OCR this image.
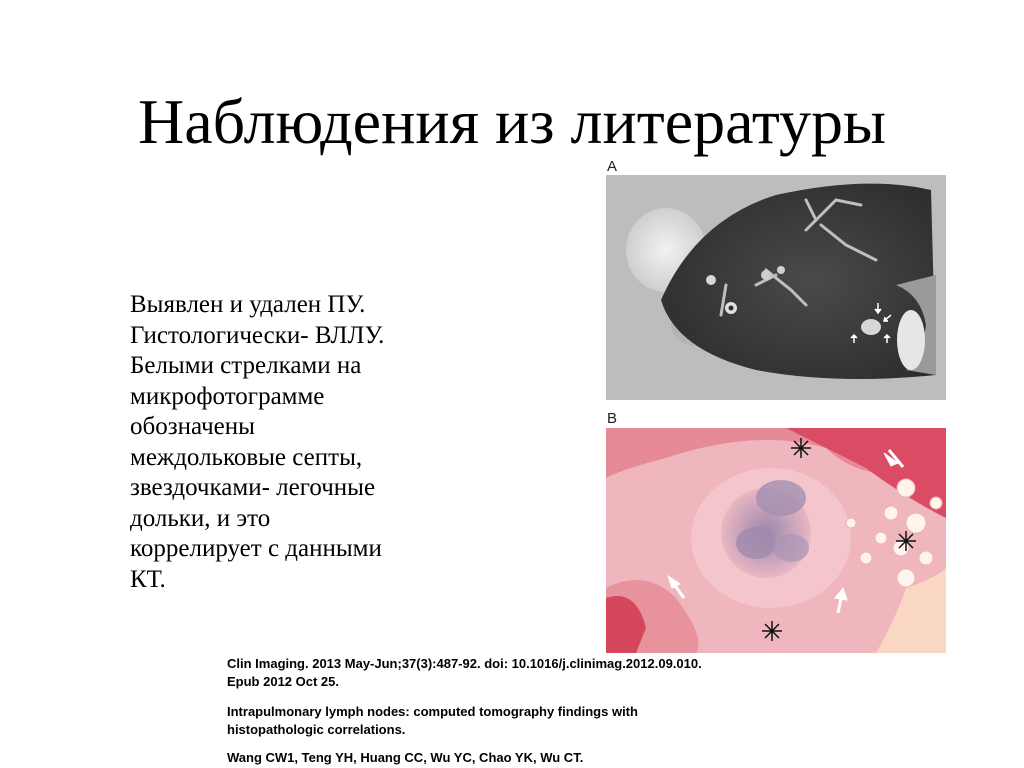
Наблюдения из литературы
Выявлен и удален ПУ.
Гистологически- ВЛЛУ.
Белыми стрелками на
микрофотограмме
обозначены
междольковые септы,
звездочками- легочные
дольки, и это
коррелирует с данными
КТ.
A
B
Clin Imaging. 2013 May-Jun;37(3):487-92. doi: 10.1016/j.clinimag.2012.09.010.
Epub 2012 Oct 25.
Intrapulmonary lymph nodes: computed tomography findings with
histopathologic correlations.
Wang CW1, Teng YH, Huang CC, Wu YC, Chao YK, Wu CT.
